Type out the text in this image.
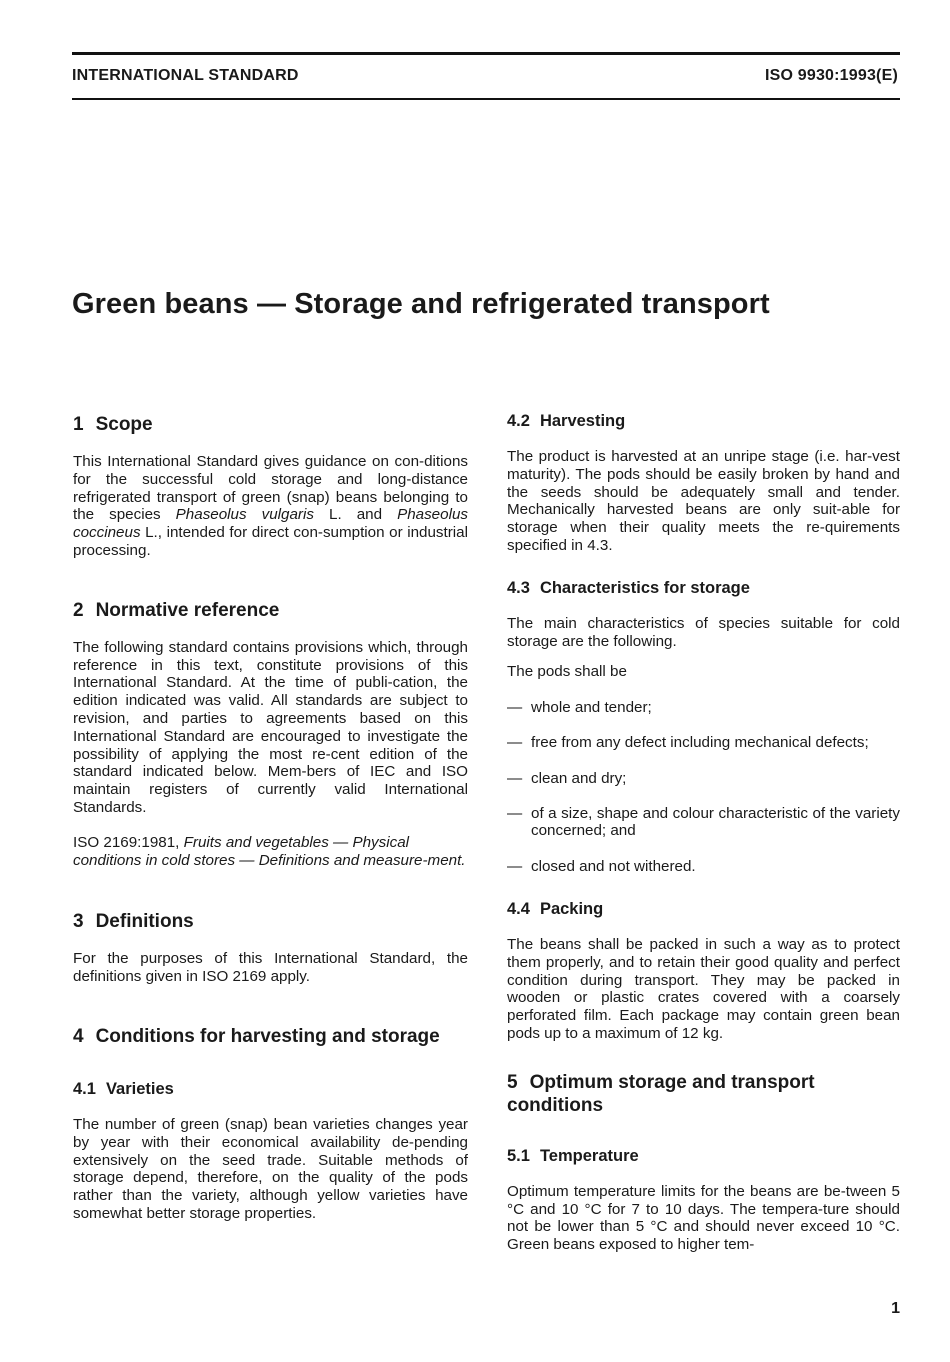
INTERNATIONAL STANDARD	ISO 9930:1993(E)
Green beans — Storage and refrigerated transport
1 Scope

This International Standard gives guidance on con-ditions for the successful cold storage and long-distance refrigerated transport of green (snap) beans belonging to the species Phaseolus vulgaris L. and Phaseolus coccineus L., intended for direct con-sumption or industrial processing.

2 Normative reference

The following standard contains provisions which, through reference in this text, constitute provisions of this International Standard. At the time of publi-cation, the edition indicated was valid. All standards are subject to revision, and parties to agreements based on this International Standard are encouraged to investigate the possibility of applying the most re-cent edition of the standard indicated below. Mem-bers of IEC and ISO maintain registers of currently valid International Standards.

ISO 2169:1981, Fruits and vegetables — Physical conditions in cold stores — Definitions and measure-ment.

3 Definitions

For the purposes of this International Standard, the definitions given in ISO 2169 apply.

4 Conditions for harvesting and storage
4.1 Varieties

The number of green (snap) bean varieties changes year by year with their economical availability de-pending extensively on the seed trade. Suitable methods of storage depend, therefore, on the quality of the pods rather than the variety, although yellow varieties have somewhat better storage properties.

4.2 Harvesting

The product is harvested at an unripe stage (i.e. har-vest maturity). The pods should be easily broken by hand and the seeds should be adequately small and tender. Mechanically harvested beans are only suit-able for storage when their quality meets the re-quirements specified in 4.3.

4.3 Characteristics for storage

The main characteristics of species suitable for cold storage are the following.

The pods shall be

— whole and tender;
— free from any defect including mechanical defects;
— clean and dry;
— of a size, shape and colour characteristic of the variety concerned; and
— closed and not withered.
4.4 Packing

The beans shall be packed in such a way as to protect them properly, and to retain their good quality and perfect condition during transport. They may be packed in wooden or plastic crates covered with a coarsely perforated film. Each package may contain green bean pods up to a maximum of 12 kg.

5 Optimum storage and transport conditions
5.1 Temperature

Optimum temperature limits for the beans are be-tween 5 °C and 10 °C for 7 to 10 days. The tempera-ture should not be lower than 5 °C and should never exceed 10 °C. Green beans exposed to higher tem-

1
